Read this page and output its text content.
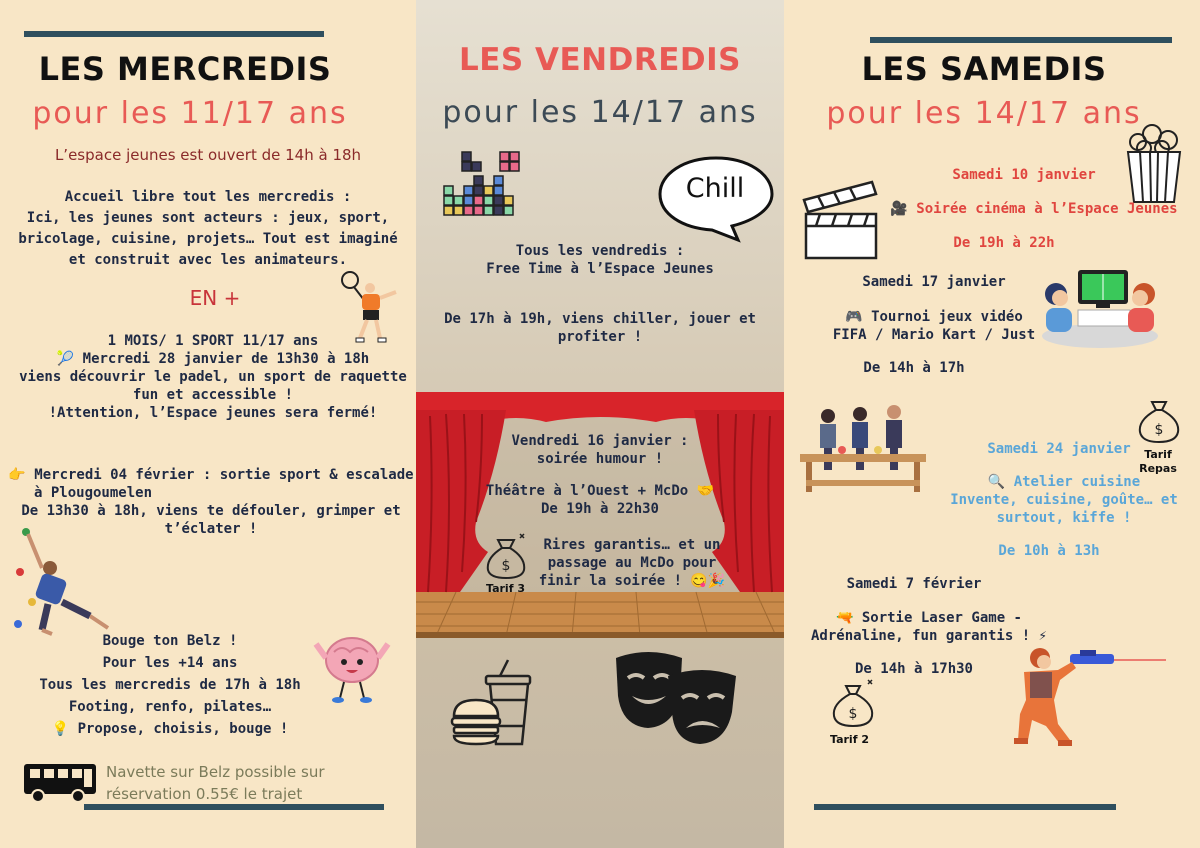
LES MERCREDIS
pour les 11/17 ans
L’espace jeunes est ouvert de 14h à 18h
Accueil libre tout les mercredis :
Ici, les jeunes sont acteurs : jeux, sport,
bricolage, cuisine, projets… Tout est imaginé
et construit avec les animateurs.
EN +
1 MOIS/ 1 SPORT 11/17 ans
🎾 Mercredi 28 janvier de 13h30 à 18h
viens découvrir le padel, un sport de raquette
fun et accessible !
!Attention, l’Espace jeunes sera fermé!
👉 Mercredi 04 février : sortie sport & escalade
à Plougoumelen
De 13h30 à 18h, viens te défouler, grimper et
t’éclater !
Bouge ton Belz !
Pour les +14 ans
Tous les mercredis de 17h à 18h
Footing, renfo, pilates…
💡 Propose, choisis, bouge !
Navette sur Belz possible sur
réservation 0.55€ le trajet
LES VENDREDIS
pour les 14/17 ans
Chill
Tous les vendredis :
Free Time à l’Espace Jeunes
De 17h à 19h, viens chiller, jouer et profiter !
Vendredi 16 janvier :
soirée humour !
Théâtre à l’Ouest + McDo 🤝
De 19h à 22h30
$
Tarif 3
Rires garantis… et un
passage au McDo pour
finir la soirée ! 😋🎉
LES SAMEDIS
pour les 14/17 ans
Samedi 10 janvier
🎥 Soirée cinéma à l’Espace Jeunes
De 19h à 22h
Samedi 17 janvier
🎮 Tournoi jeux vidéo
FIFA / Mario Kart / Just
De 14h à 17h
$
Tarif
Repas
Samedi 24 janvier
🔍 Atelier cuisine
Invente, cuisine, goûte… et
surtout, kiffe !
De 10h à 13h
Samedi 7 février
🔫 Sortie Laser Game -
Adrénaline, fun garantis ! ⚡
De 14h à 17h30
$
Tarif 2
